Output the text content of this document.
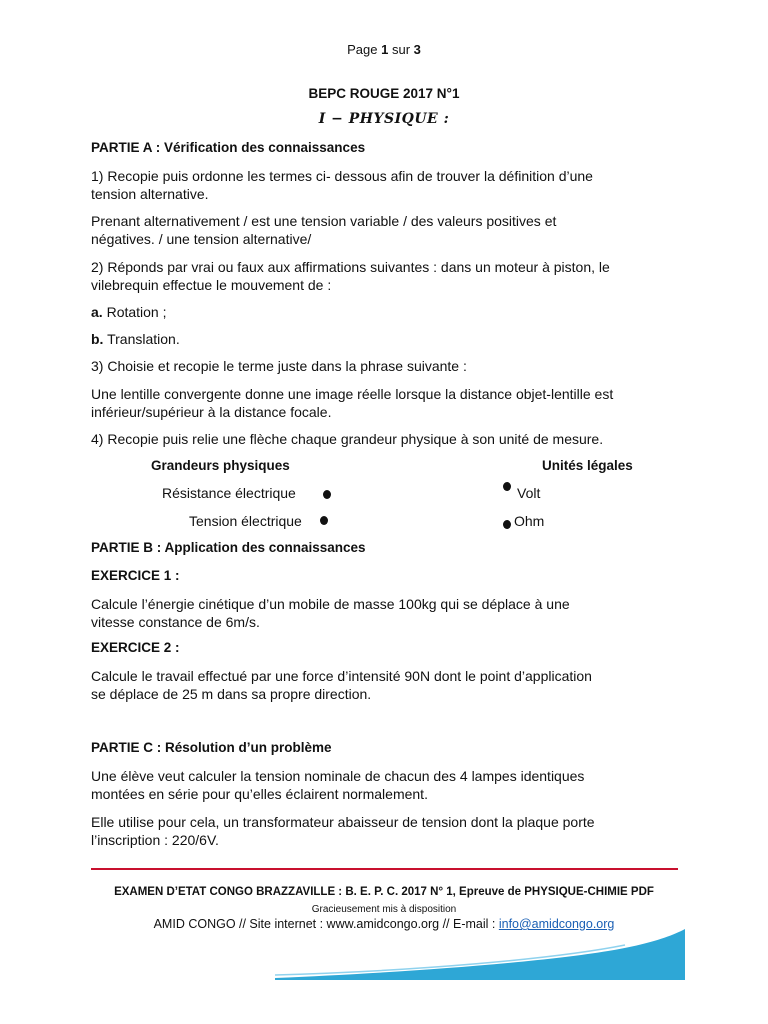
Page 1 sur 3
BEPC ROUGE 2017 N°1
I − PHYSIQUE :
PARTIE A : Vérification des connaissances
1) Recopie puis ordonne les termes ci- dessous afin de trouver la définition d’une
tension alternative.
Prenant alternativement / est une tension variable / des valeurs positives et
négatives. / une tension alternative/
2) Réponds par vrai ou faux aux affirmations suivantes : dans un moteur à piston, le
vilebrequin effectue le mouvement de :
a. Rotation ;
b. Translation.
3) Choisie et recopie le terme juste dans la phrase suivante :
Une lentille convergente donne une image réelle lorsque la distance objet-lentille est
inférieur/supérieur à la distance focale.
4) Recopie puis relie une flèche chaque grandeur physique à son unité de mesure.
Grandeurs physiques	Unités légales
Résistance électrique	Volt
Tension électrique	Ohm
PARTIE B : Application des connaissances
EXERCICE 1 :
Calcule l’énergie cinétique d’un mobile de masse 100kg qui se déplace à une
vitesse constance de 6m/s.
EXERCICE 2 :
Calcule le travail effectué par une force d’intensité 90N dont le point d’application
se déplace de 25 m dans sa propre direction.
PARTIE C : Résolution d’un problème
Une élève veut calculer la tension nominale de chacun des 4 lampes identiques
montées en série pour qu’elles éclairent normalement.
Elle utilise pour cela, un transformateur abaisseur de tension dont la plaque porte
l’inscription : 220/6V.
EXAMEN D’ETAT CONGO BRAZZAVILLE : B. E. P. C. 2017 N° 1, Epreuve de PHYSIQUE-CHIMIE PDF
Gracieusement mis à disposition
AMID CONGO // Site internet : www.amidcongo.org // E-mail : info@amidcongo.org
